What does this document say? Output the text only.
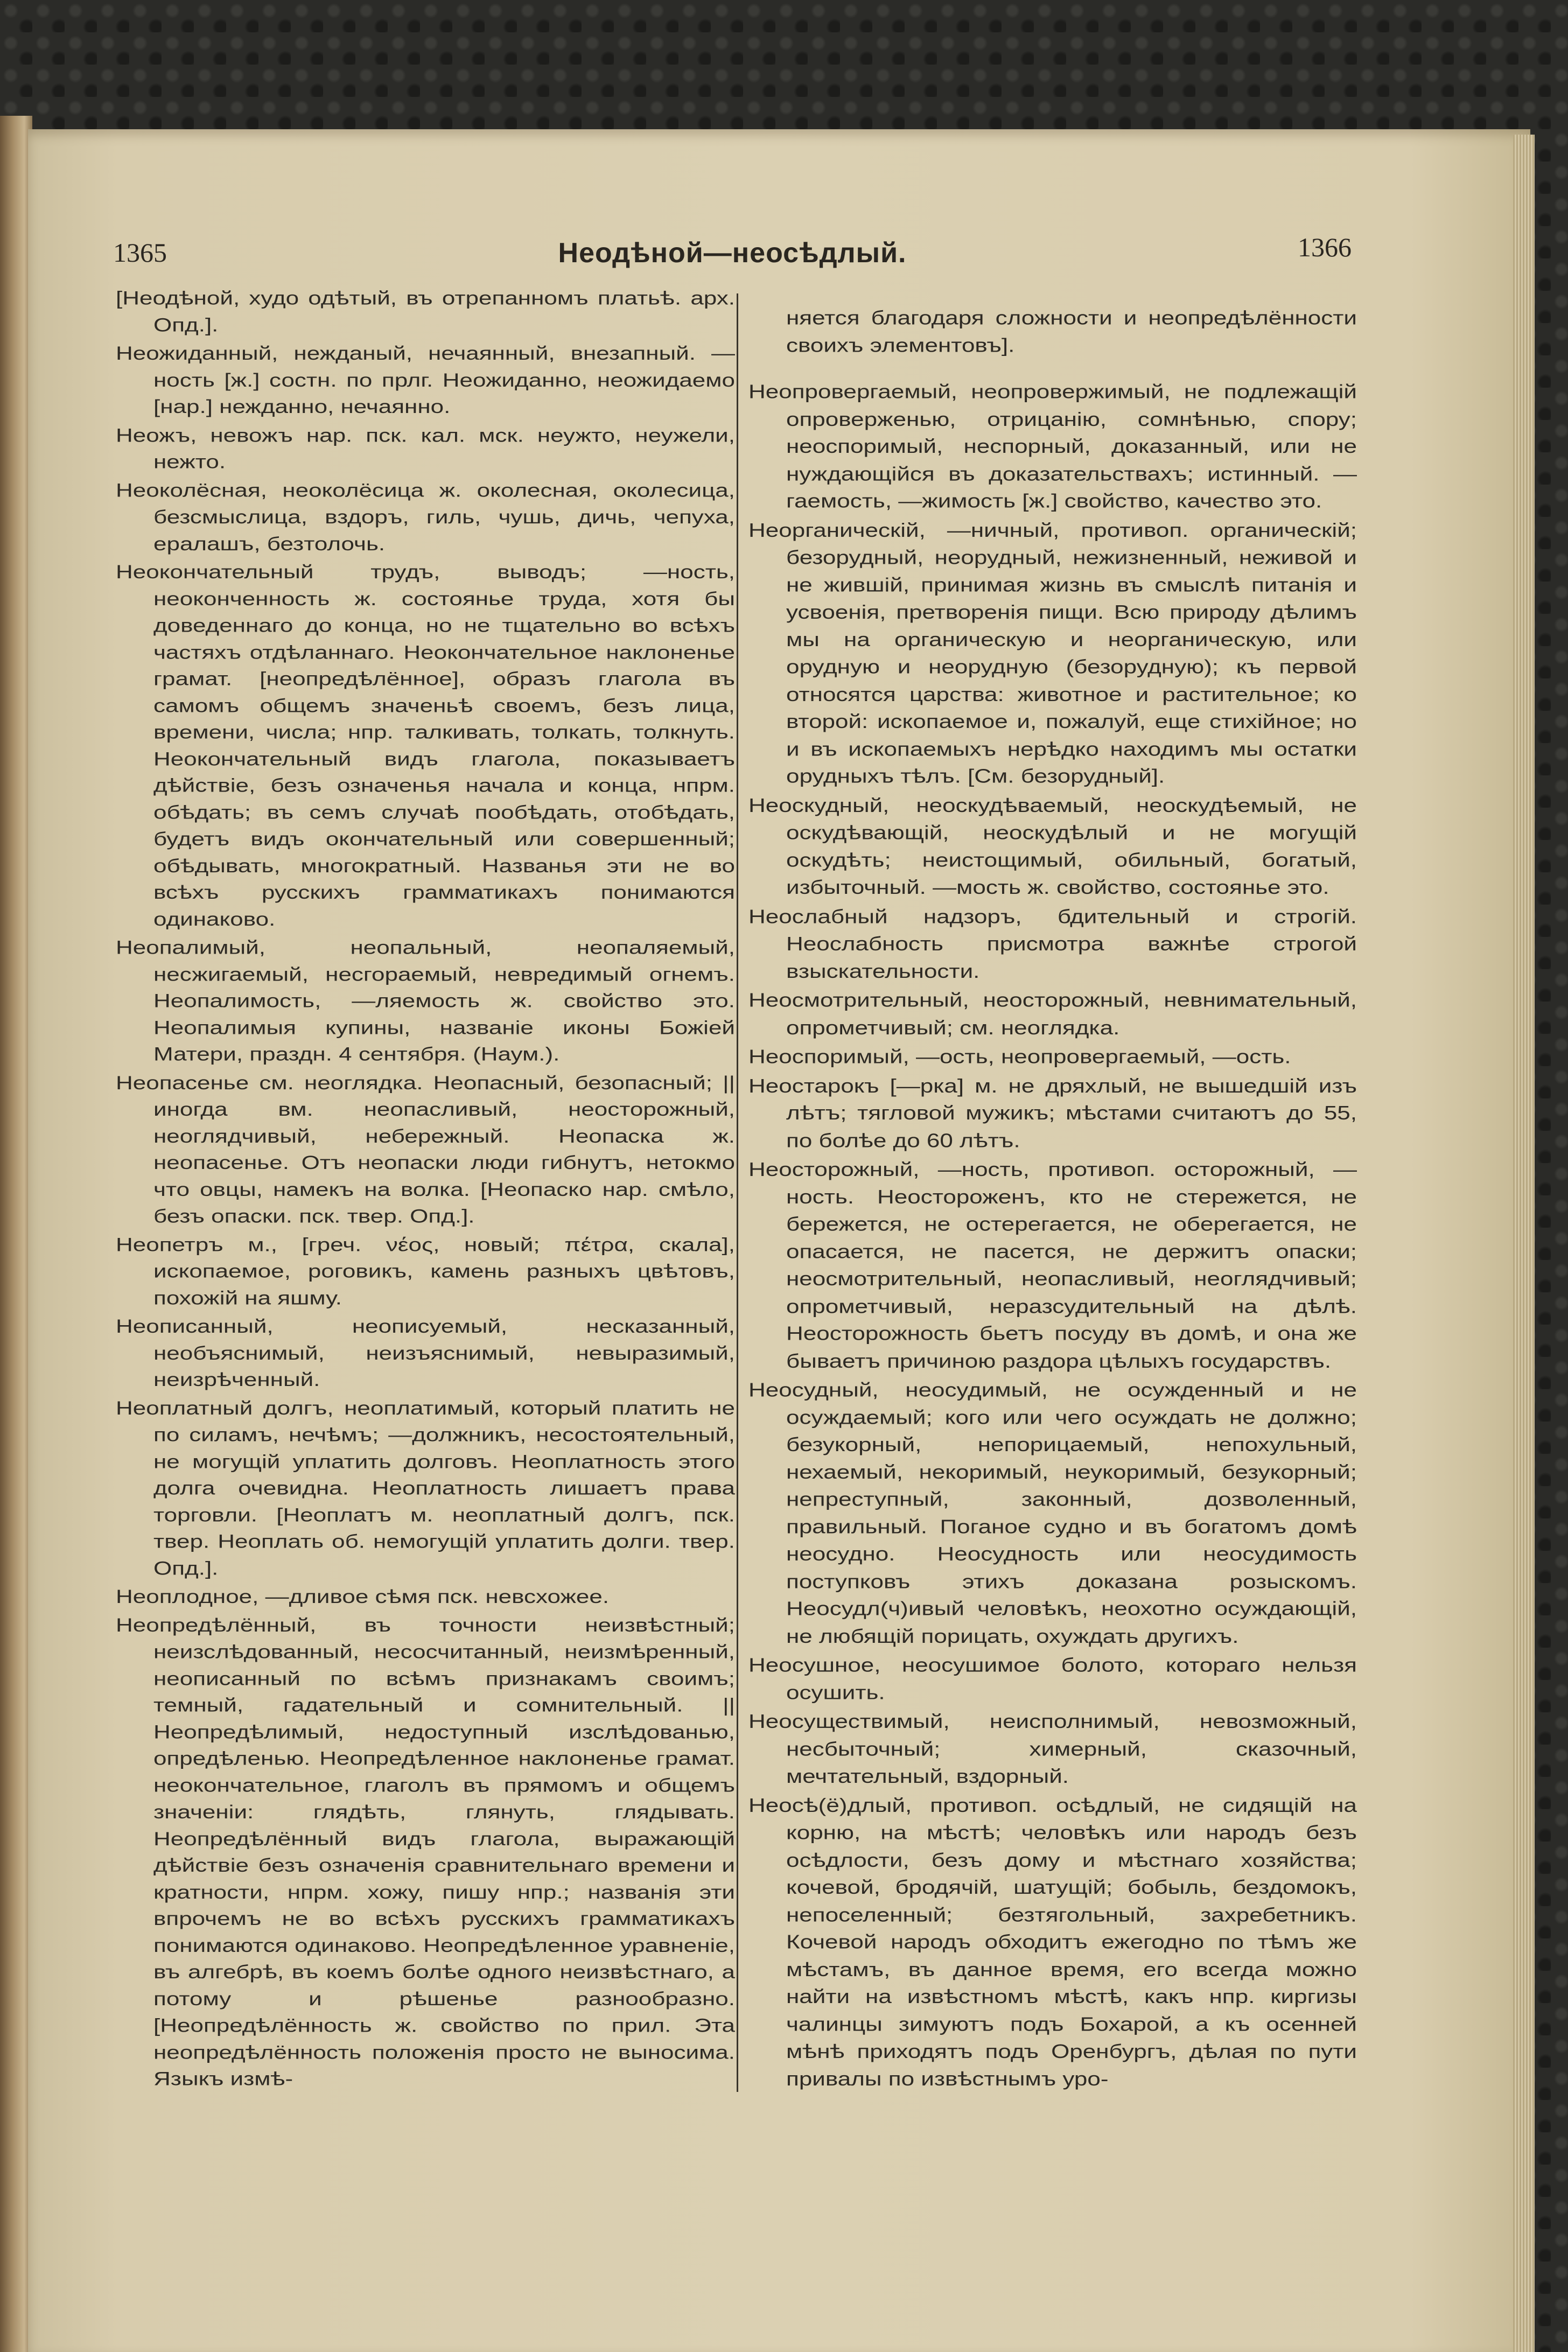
1365	Неодѣной—неосѣдлый.	1366

[Неодѣной, худо одѣтый, въ отрепанномъ платьѣ. арх. Опд.].

Неожиданный, нежданый, нечаянный, внезапный. —ность [ж.] состн. по прлг. Неожиданно, неожидаемо [нар.] нежданно, нечаянно.

Неожъ, невожъ нар. пск. кал. мск. неужто, неужели, нежто.

Неоколёсная, неоколёсица ж. околесная, околесица, безсмыслица, вздоръ, гиль, чушь, дичь, чепуха, ералашъ, безтолочь.

Неокончательный трудъ, выводъ; —ность, неоконченность ж. состоянье труда, хотя бы доведеннаго до конца, но не тщательно во всѣхъ частяхъ отдѣланнаго. Неокончательное наклоненье грамат. [неопредѣлённое], образъ глагола въ самомъ общемъ значеньѣ своемъ, безъ лица, времени, числа; нпр. талкивать, толкать, толкнуть. Неокончательный видъ глагола, показываетъ дѣйствіе, безъ означенья начала и конца, нпрм. обѣдать; въ семъ случаѣ пообѣдать, отобѣдать, будетъ видъ окончательный или совершенный; обѣдывать, многократный. Названья эти не во всѣхъ русскихъ грамматикахъ понимаются одинаково.

Неопалимый, неопальный, неопаляемый, несжигаемый, несгораемый, невредимый огнемъ. Неопалимость, —ляемость ж. свойство это. Неопалимыя купины, названіе иконы Божіей Матери, праздн. 4 сентября. (Наум.).

Неопасенье см. неоглядка. Неопасный, безопасный; || иногда вм. неопасливый, неосторожный, неоглядчивый, небережный. Неопаска ж. неопасенье. Отъ неопаски люди гибнутъ, нетокмо что овцы, намекъ на волка. [Неопаско нар. смѣло, безъ опаски. пск. твер. Опд.].

Неопетръ м., [греч. νέος, новый; πέτρα, скала], ископаемое, роговикъ, камень разныхъ цвѣтовъ, похожій на яшму.

Неописанный, неописуемый, несказанный, необъяснимый, неизъяснимый, невыразимый, неизрѣченный.

Неоплатный долгъ, неоплатимый, который платить не по силамъ, нечѣмъ; —должникъ, несостоятельный, не могущій уплатить долговъ. Неоплатность этого долга очевидна. Неоплатность лишаетъ права торговли. [Неоплатъ м. неоплатный долгъ, пск. твер. Неоплать об. немогущій уплатить долги. твер. Опд.].

Неоплодное, —дливое сѣмя пск. невсхожее.

Неопредѣлённый, въ точности неизвѣстный; неизслѣдованный, несосчитанный, неизмѣренный, неописанный по всѣмъ признакамъ своимъ; темный, гадательный и сомнительный. || Неопредѣлимый, недоступный изслѣдованью, опредѣленью. Неопредѣленное наклоненье грамат. неокончательное, глаголъ въ прямомъ и общемъ значеніи: глядѣть, глянуть, глядывать. Неопредѣлённый видъ глагола, выражающій дѣйствіе безъ означенія сравнительнаго времени и кратности, нпрм. хожу, пишу нпр.; названія эти впрочемъ не во всѣхъ русскихъ грамматикахъ понимаются одинаково. Неопредѣленное уравненіе, въ алгебрѣ, въ коемъ болѣе одного неизвѣстнаго, а потому и рѣшенье разнообразно. [Неопредѣлённость ж. свойство по прил. Эта неопредѣлённость положенія просто не выносима. Языкъ измѣ-

няется благодаря сложности и неопредѣлённости своихъ элементовъ].

Неопровергаемый, неопровержимый, не подлежащій опроверженью, отрицанію, сомнѣнью, спору; неоспоримый, неспорный, доказанный, или не нуждающійся въ доказательствахъ; истинный. —гаемость, —жимость [ж.] свойство, качество это.

Неорганическій, —ничный, противоп. органическій; безорудный, неорудный, нежизненный, неживой и не жившій, принимая жизнь въ смыслѣ питанія и усвоенія, претворенія пищи. Всю природу дѣлимъ мы на органическую и неорганическую, или орудную и неорудную (безорудную); къ первой относятся царства: животное и растительное; ко второй: ископаемое и, пожалуй, еще стихійное; но и въ ископаемыхъ нерѣдко находимъ мы остатки орудныхъ тѣлъ. [См. безорудный].

Неоскудный, неоскудѣваемый, неоскудѣемый, не оскудѣвающій, неоскудѣлый и не могущій оскудѣть; неистощимый, обильный, богатый, избыточный. —мость ж. свойство, состоянье это.

Неослабный надзоръ, бдительный и строгій. Неослабность присмотра важнѣе строгой взыскательности.

Неосмотрительный, неосторожный, невнимательный, опрометчивый; см. неоглядка.

Неоспоримый, —ость, неопровергаемый, —ость.

Неостарокъ [—рка] м. не дряхлый, не вышедшій изъ лѣтъ; тягловой мужикъ; мѣстами считаютъ до 55, по болѣе до 60 лѣтъ.

Неосторожный, —ность, противоп. осторожный, —ность. Неостороженъ, кто не стережется, не бережется, не остерегается, не обeрегается, не опасается, не пасется, не держитъ опаски; неосмотрительный, неопасливый, неоглядчивый; опрометчивый, неразсудительный на дѣлѣ. Неосторожность бьетъ посуду въ домѣ, и она же бываетъ причиною раздора цѣлыхъ государствъ.

Неосудный, неосудимый, не осужденный и не осуждаемый; кого или чего осуждать не должно; безукорный, непорицаемый, непохульный, нехаемый, некоримый, неукоримый, безукорный; непреступный, законный, дозволенный, правильный. Поганое судно и въ богатомъ домѣ неосудно. Неосудность или неосудимость поступковъ этихъ доказана розыскомъ. Неосудл(ч)ивый человѣкъ, неохотно осуждающій, не любящій порицать, охуждать другихъ.

Неосушное, неосушимое болото, котораго нельзя осушить.

Неосуществимый, неисполнимый, невозможный, несбыточный; химерный, сказочный, мечтательный, вздорный.

Неосѣ(ё)длый, противоп. осѣдлый, не сидящій на корню, на мѣстѣ; человѣкъ или народъ безъ осѣдлости, безъ дому и мѣстнаго хозяйства; кочевой, бродячій, шатущій; бобыль, бездомокъ, непоселенный; безтягольный, захребетникъ. Кочевой народъ обходитъ ежегодно по тѣмъ же мѣстамъ, въ данное время, его всегда можно найти на извѣстномъ мѣстѣ, какъ нпр. киргизы чалинцы зимуютъ подъ Бохарой, а къ осенней мѣнѣ приходятъ подъ Оренбургъ, дѣлая по пути привалы по извѣстнымъ уро-
